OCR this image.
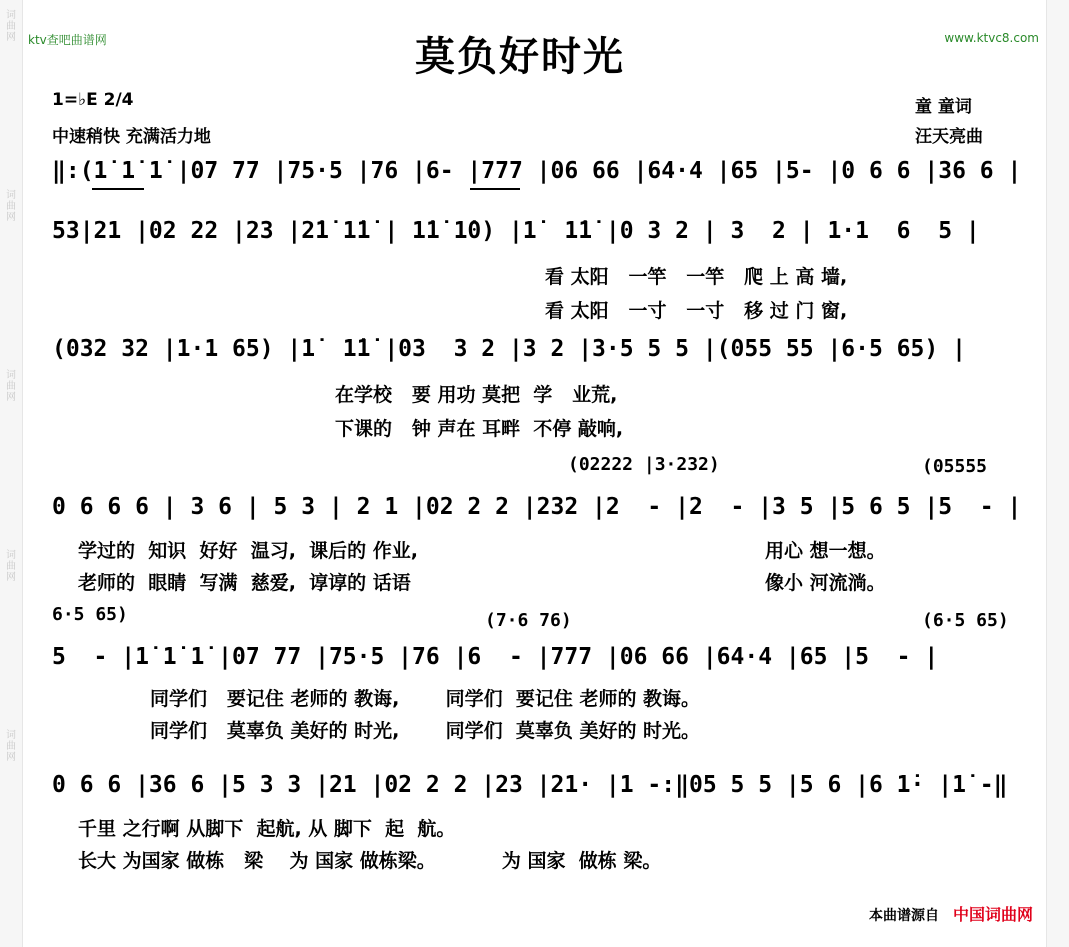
词曲网
词曲网
词曲网
词曲网
词曲网
ktv查吧曲谱网	www.ktvc8.com
莫负好时光
1=♭E 2/4
中速稍快 充满活力地
童 童词
汪天亮曲
‖:(1̇ 1̇ 1̇ |07 77 |75·5 |76 |6- |777 |06 66 |64·4 |65 |5- |0 6 6 |36 6 |
53|21 |02 22 |23 |2̇1̇ 1̇1̇ | 1̇1̇ 1̇0) |1̇  1̇1̇ |0 3 2 | 3  2 | 1·1  6  5 |
看 太阳   一竿   一竿   爬 上 高 墙,
看 太阳   一寸   一寸   移 过 门 窗,
(032 32 |1·1 65) |1̇  1̇1̇ |03  3 2 |3 2 |3·5 5 5 |(055 55 |6·5 65) |
在学校   要 用功 莫把  学   业荒,
下课的   钟 声在 耳畔  不停 敲响,
(02222 |3·232)	(05555
0 6 6 6 | 3 6 | 5 3 | 2 1 |02 2 2 |232 |2  - |2  - |3 5 |5 6 5 |5  - |
学过的  知识  好好  温习,  课后的 作业,	用心 想一想。
老师的  眼睛  写满  慈爱,  谆谆的 话语	像小 河流淌。
6·5 65)	(7·6 76)	(6·5 65)
5  - |1̇ 1̇ 1̇ |07 77 |75·5 |76 |6  - |777 |06 66 |64·4 |65 |5  - |
同学们   要记住 老师的 教诲,       同学们  要记住 老师的 教诲。
同学们   莫辜负 美好的 时光,       同学们  莫辜负 美好的 时光。
0 6 6 |36 6 |5 3 3 |21 |02 2 2 |23 |21· |1 -:‖05 5 5 |5 6 |6 1̇· |1̇ -‖
千里 之行啊 从脚下  起航, 从 脚下  起  航。
长大 为国家 做栋   梁    为 国家 做栋梁。          为 国家  做栋 梁。
本曲谱源自 中国词曲网
